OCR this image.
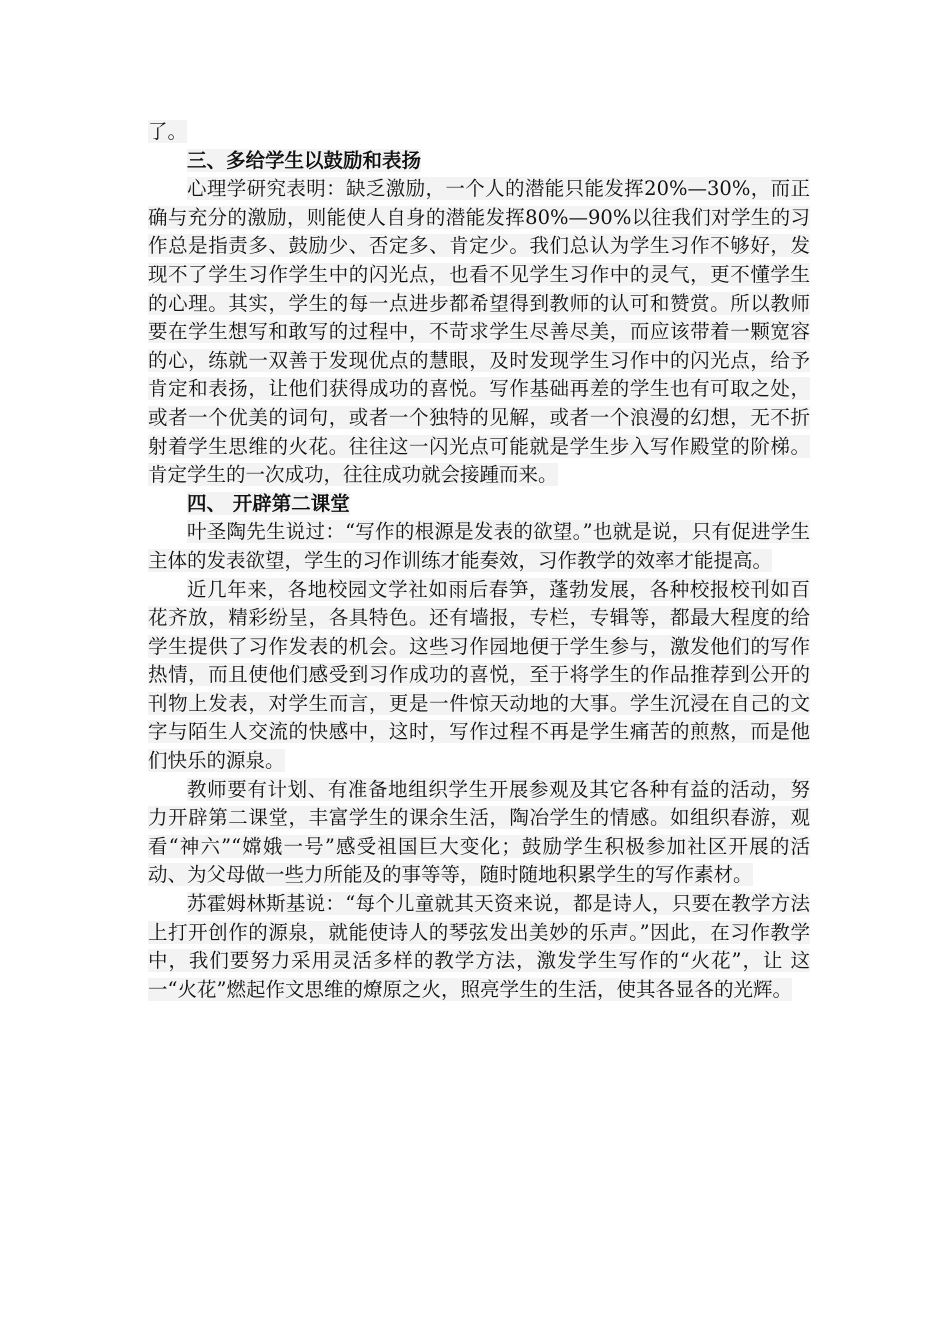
了。

三、多给学生以鼓励和表扬

心理学研究表明：缺乏激励，一个人的潜能只能发挥20%—30%，而正确与充分的激励，则能使人自身的潜能发挥80%—90%以往我们对学生的习作总是指责多、鼓励少、否定多、肯定少。我们总认为学生习作不够好，发现不了学生习作学生中的闪光点，也看不见学生习作中的灵气，更不懂学生的心理。其实，学生的每一点进步都希望得到教师的认可和赞赏。所以教师要在学生想写和敢写的过程中，不苛求学生尽善尽美，而应该带着一颗宽容的心，练就一双善于发现优点的慧眼，及时发现学生习作中的闪光点，给予肯定和表扬，让他们获得成功的喜悦。写作基础再差的学生也有可取之处，或者一个优美的词句，或者一个独特的见解，或者一个浪漫的幻想，无不折射着学生思维的火花。往往这一闪光点可能就是学生步入写作殿堂的阶梯。肯定学生的一次成功，往往成功就会接踵而来。

四、 开辟第二课堂

叶圣陶先生说过：“写作的根源是发表的欲望。”也就是说，只有促进学生主体的发表欲望，学生的习作训练才能奏效，习作教学的效率才能提高。

近几年来，各地校园文学社如雨后春笋，蓬勃发展，各种校报校刊如百花齐放，精彩纷呈，各具特色。还有墙报，专栏，专辑等，都最大程度的给学生提供了习作发表的机会。这些习作园地便于学生参与，激发他们的写作热情，而且使他们感受到习作成功的喜悦，至于将学生的作品推荐到公开的刊物上发表，对学生而言，更是一件惊天动地的大事。学生沉浸在自己的文字与陌生人交流的快感中，这时，写作过程不再是学生痛苦的煎熬，而是他们快乐的源泉。

教师要有计划、有准备地组织学生开展参观及其它各种有益的活动，努力开辟第二课堂，丰富学生的课余生活，陶冶学生的情感。如组织春游，观看“神六”“嫦娥一号”感受祖国巨大变化；鼓励学生积极参加社区开展的活动、为父母做一些力所能及的事等等，随时随地积累学生的写作素材。

苏霍姆林斯基说：“每个儿童就其天资来说，都是诗人，只要在教学方法上打开创作的源泉，就能使诗人的琴弦发出美妙的乐声。”因此，在习作教学中，我们要努力采用灵活多样的教学方法，激发学生写作的“火花”，让 这一“火花”燃起作文思维的燎原之火，照亮学生的生活，使其各显各的光辉。
